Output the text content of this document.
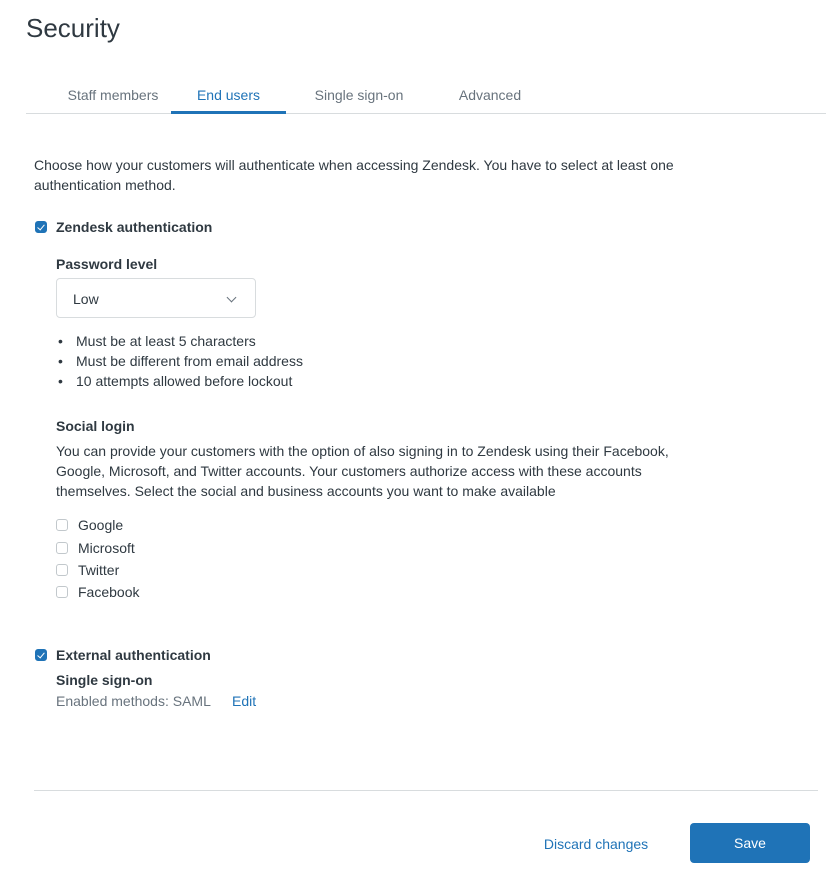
Security
Staff members	End users	Single sign-on	Advanced
Choose how your customers will authenticate when accessing Zendesk. You have to select at least one authentication method.
Zendesk authentication
Password level
Low
• Must be at least 5 characters
• Must be different from email address
• 10 attempts allowed before lockout
Social login
You can provide your customers with the option of also signing in to Zendesk using their Facebook, Google, Microsoft, and Twitter accounts. Your customers authorize access with these accounts themselves. Select the social and business accounts you want to make available
Google
Microsoft
Twitter
Facebook
External authentication
Single sign-on
Enabled methods: SAML Edit
Discard changes	Save
